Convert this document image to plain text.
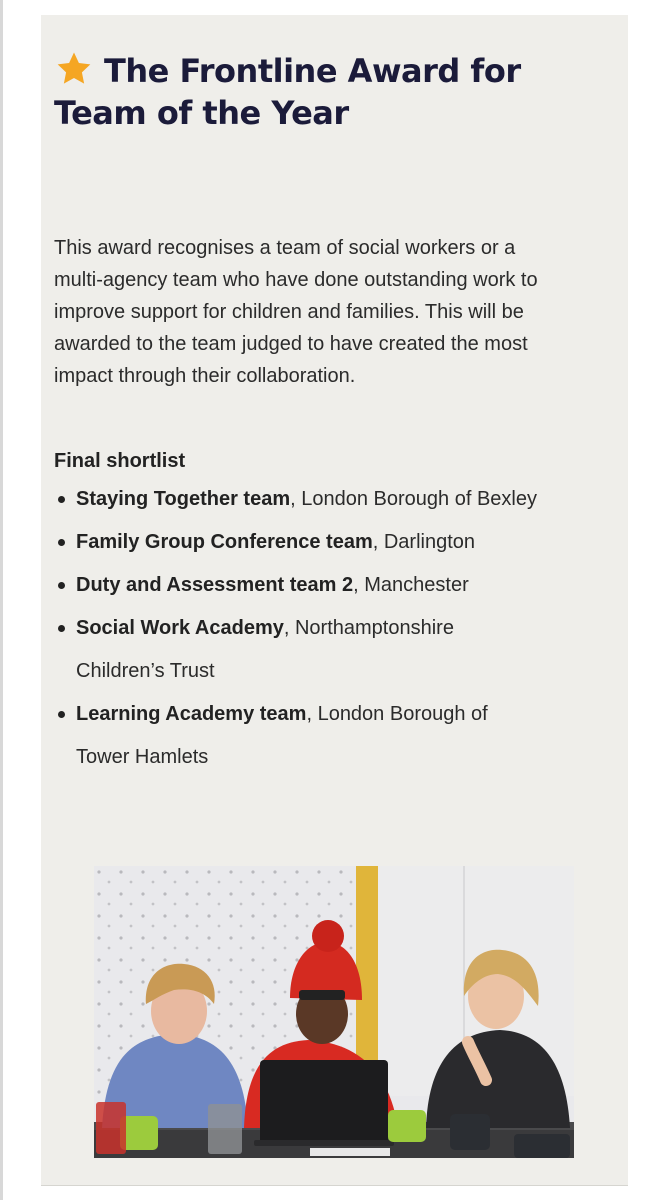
The Frontline Award for Team of the Year

This award recognises a team of social workers or a multi-agency team who have done outstanding work to improve support for children and families. This will be awarded to the team judged to have created the most impact through their collaboration.

Final shortlist

Staying Together team, London Borough of Bexley
Family Group Conference team, Darlington
Duty and Assessment team 2, Manchester
Social Work Academy, Northamptonshire Children’s Trust
Learning Academy team, London Borough of Tower Hamlets
